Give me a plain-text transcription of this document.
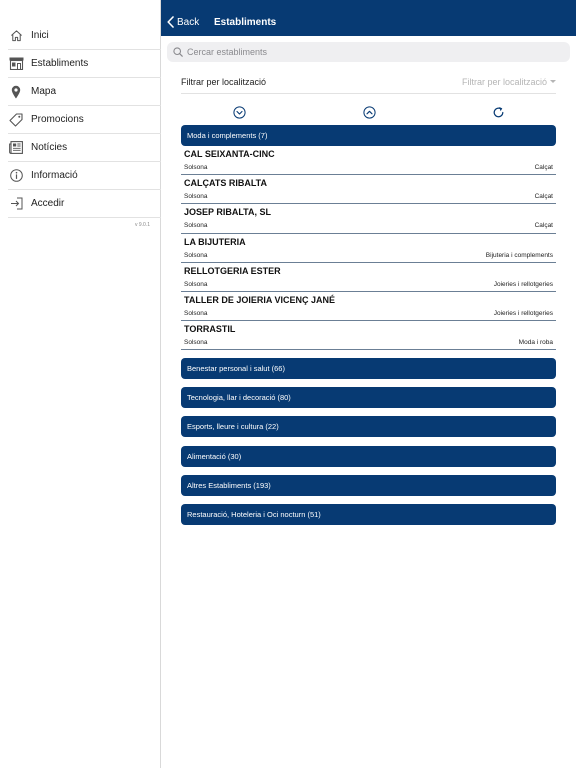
Inici
Establiments
Mapa
Promocions
Notícies
Informació
Accedir
v 9.0.1
Back Establiments
Cercar establiments
Filtrar per localització	Filtrar per localització
Moda i complements (7)
CAL SEIXANTA-CINC
Solsona	Calçat
CALÇATS RIBALTA
Solsona	Calçat
JOSEP RIBALTA, SL
Solsona	Calçat
LA BIJUTERIA
Solsona	Bijuteria i complements
RELLOTGERIA ESTER
Solsona	Joieries i rellotgeries
TALLER DE JOIERIA VICENÇ JANÉ
Solsona	Joieries i rellotgeries
TORRASTIL
Solsona	Moda i roba
Benestar personal i salut (66)
Tecnologia, llar i decoració (80)
Esports, lleure i cultura (22)
Alimentació (30)
Altres Establiments (193)
Restauració, Hoteleria i Oci nocturn (51)
